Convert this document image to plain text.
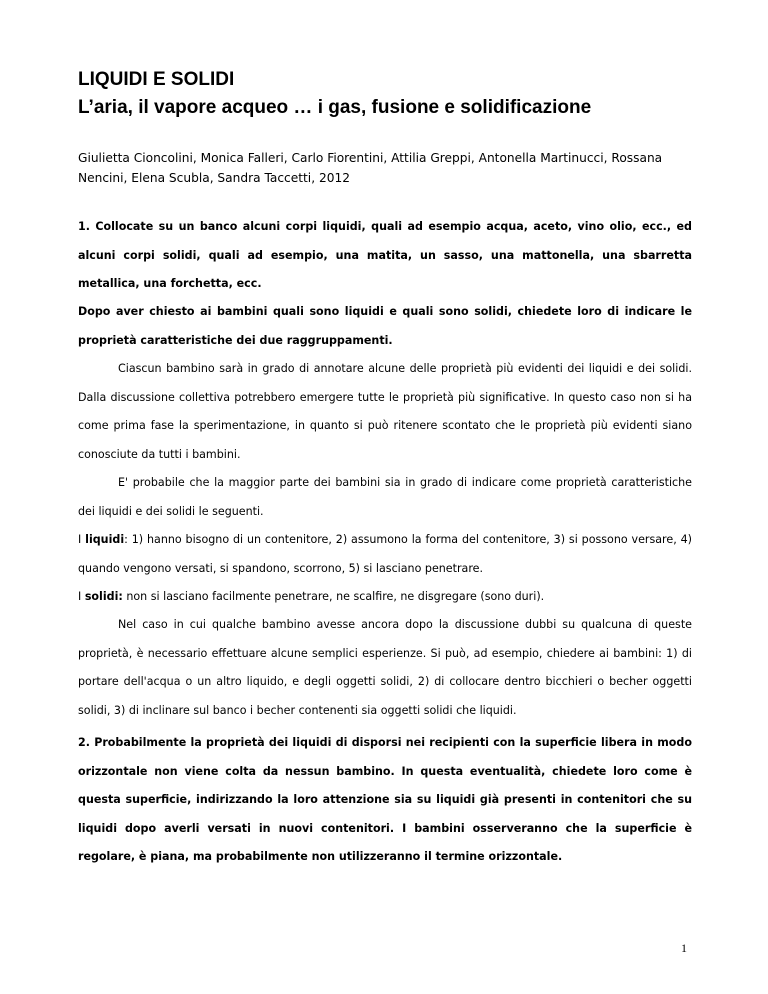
LIQUIDI E SOLIDI
L’aria, il vapore acqueo … i gas, fusione e solidificazione

Giulietta Cioncolini, Monica Falleri, Carlo Fiorentini, Attilia Greppi, Antonella Martinucci, Rossana Nencini, Elena Scubla, Sandra Taccetti, 2012

1. Collocate su un banco alcuni corpi liquidi, quali ad esempio acqua, aceto, vino olio, ecc., ed alcuni corpi solidi, quali ad esempio, una matita, un sasso, una mattonella, una sbarretta metallica, una forchetta, ecc.

Dopo aver chiesto ai bambini quali sono liquidi e quali sono solidi, chiedete loro di indicare le proprietà caratteristiche dei due raggruppamenti.

Ciascun bambino sarà in grado di annotare alcune delle proprietà più evidenti dei liquidi e dei solidi. Dalla discussione collettiva potrebbero emergere tutte le proprietà più significative. In questo caso non si ha come prima fase la sperimentazione, in quanto si può ritenere scontato che le proprietà più evidenti siano conosciute da tutti i bambini.

E' probabile che la maggior parte dei bambini sia in grado di indicare come proprietà caratteristiche dei liquidi e dei solidi le seguenti.

I liquidi: 1) hanno bisogno di un contenitore, 2) assumono la forma del contenitore, 3) si possono versare, 4) quando vengono versati, si spandono, scorrono, 5) si lasciano penetrare.

I solidi: non si lasciano facilmente penetrare, ne scalfire, ne disgregare (sono duri).

Nel caso in cui qualche bambino avesse ancora dopo la discussione dubbi su qualcuna di queste proprietà, è necessario effettuare alcune semplici esperienze. Si può, ad esempio, chiedere ai bambini: 1) di portare dell'acqua o un altro liquido, e degli oggetti solidi, 2) di collocare dentro bicchieri o becher oggetti solidi, 3) di inclinare sul banco i becher contenenti sia oggetti solidi che liquidi.

2. Probabilmente la proprietà dei liquidi di disporsi nei recipienti con la superficie libera in modo orizzontale non viene colta da nessun bambino. In questa eventualità, chiedete loro come è questa superficie, indirizzando la loro attenzione sia su liquidi già presenti in contenitori che su liquidi dopo averli versati in nuovi contenitori. I bambini osserveranno che la superficie è regolare, è piana, ma probabilmente non utilizzeranno il termine orizzontale.

1
